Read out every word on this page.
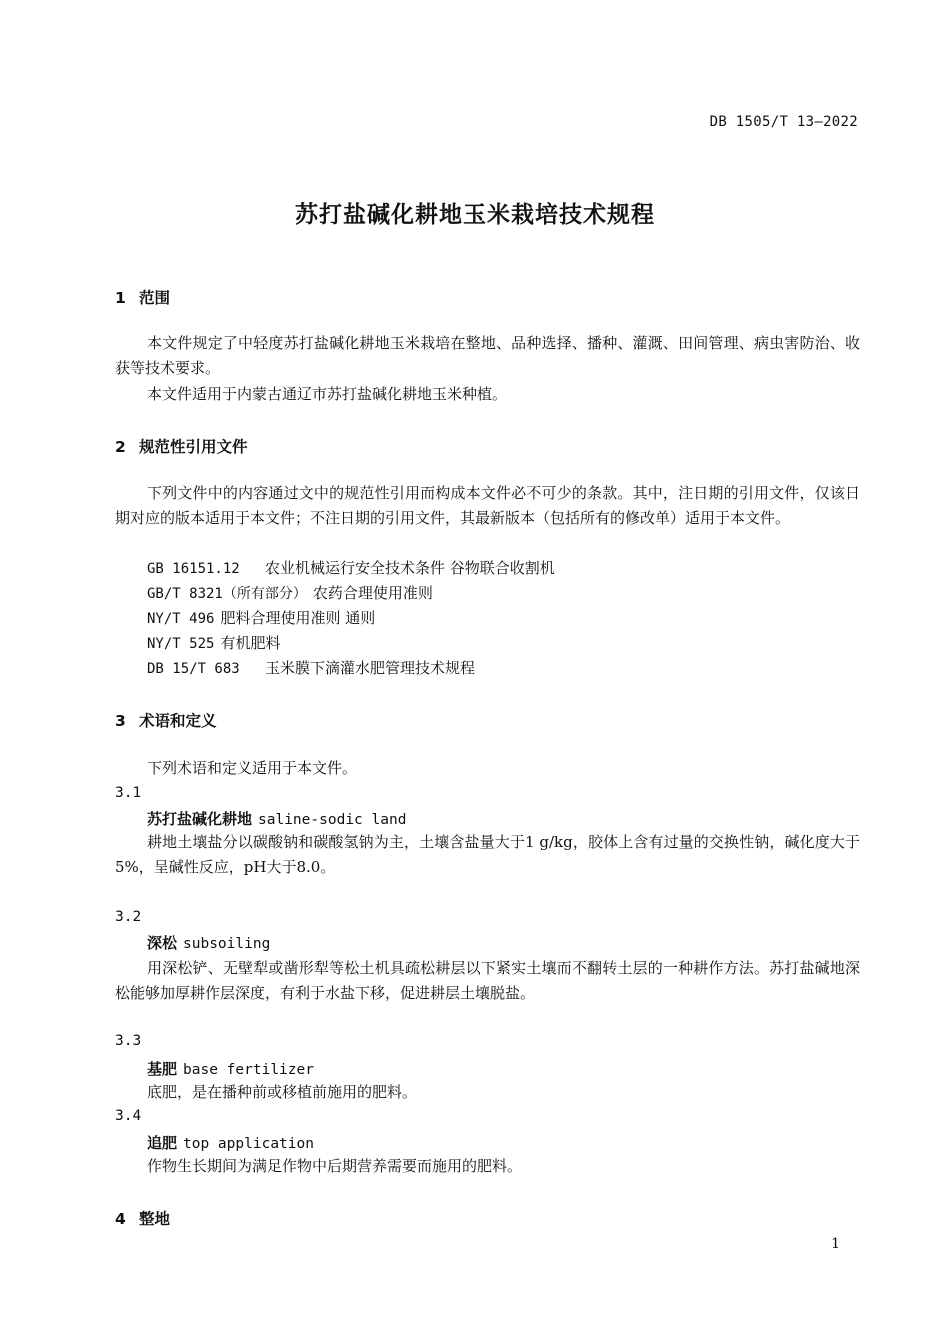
DB 1505/T 13—2022
苏打盐碱化耕地玉米栽培技术规程
1 范围
本文件规定了中轻度苏打盐碱化耕地玉米栽培在整地、品种选择、播种、灌溉、田间管理、病虫害防治、收获等技术要求。
本文件适用于内蒙古通辽市苏打盐碱化耕地玉米种植。
2 规范性引用文件
下列文件中的内容通过文中的规范性引用而构成本文件必不可少的条款。其中，注日期的引用文件，仅该日期对应的版本适用于本文件；不注日期的引用文件，其最新版本（包括所有的修改单）适用于本文件。
GB 16151.12 农业机械运行安全技术条件 谷物联合收割机
GB/T 8321（所有部分） 农药合理使用准则
NY/T 496 肥料合理使用准则 通则
NY/T 525 有机肥料
DB 15/T 683 玉米膜下滴灌水肥管理技术规程
3 术语和定义
下列术语和定义适用于本文件。
3.1
苏打盐碱化耕地 saline-sodic land
耕地土壤盐分以碳酸钠和碳酸氢钠为主，土壤含盐量大于1 g/kg，胶体上含有过量的交换性钠，碱化度大于5%，呈碱性反应，pH大于8.0。
3.2
深松 subsoiling
用深松铲、无壁犁或凿形犁等松土机具疏松耕层以下紧实土壤而不翻转土层的一种耕作方法。苏打盐碱地深松能够加厚耕作层深度，有利于水盐下移，促进耕层土壤脱盐。
3.3
基肥 base fertilizer
底肥，是在播种前或移植前施用的肥料。
3.4
追肥 top application
作物生长期间为满足作物中后期营养需要而施用的肥料。
4 整地
1
